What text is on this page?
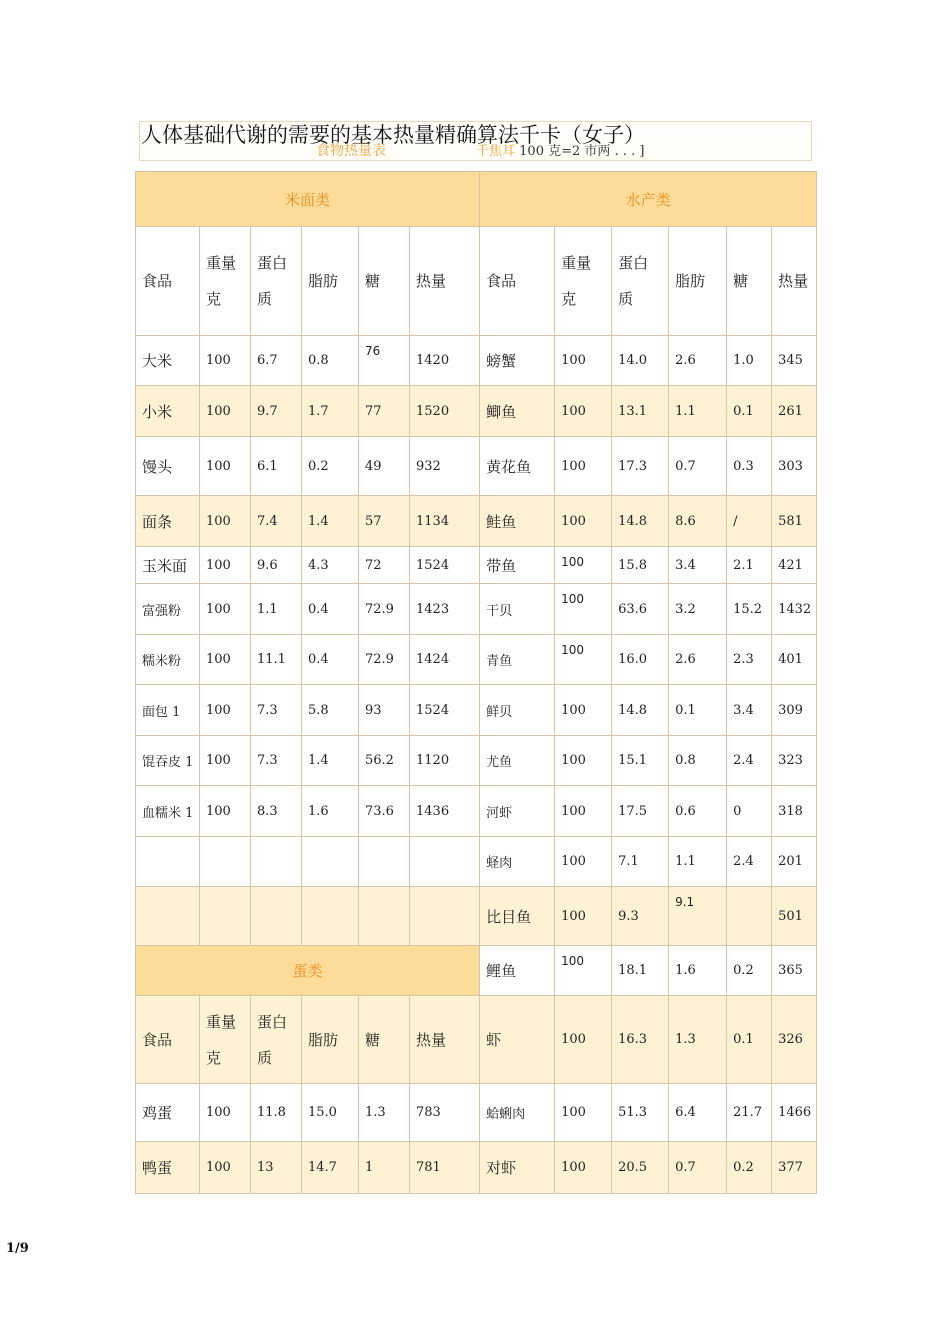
食物热量表	千焦耳 100 克=2 市两 . . . ]
人体基础代谢的需要的基本热量精确算法千卡（女子）
米面类						水产类					
食品	重量克	蛋白质	脂肪	糖	热量	食品	重量克	蛋白质	脂肪	糖	热量
大米	100	6.7	0.8	76	1420	螃蟹	100	14.0	2.6	1.0	345
小米	100	9.7	1.7	77	1520	鲫鱼	100	13.1	1.1	0.1	261
馒头	100	6.1	0.2	49	932	黄花鱼	100	17.3	0.7	0.3	303
面条	100	7.4	1.4	57	1134	鲑鱼	100	14.8	8.6	/	581
玉米面	100	9.6	4.3	72	1524	带鱼	100	15.8	3.4	2.1	421
富强粉	100	1.1	0.4	72.9	1423	干贝	100	63.6	3.2	15.2	1432
糯米粉	100	11.1	0.4	72.9	1424	青鱼	100	16.0	2.6	2.3	401
面包 1	100	7.3	5.8	93	1524	鲜贝	100	14.8	0.1	3.4	309
馄吞皮 1	100	7.3	1.4	56.2	1120	尤鱼	100	15.1	0.8	2.4	323
血糯米 1	100	8.3	1.6	73.6	1436	河虾	100	17.5	0.6	0	318
						蛏肉	100	7.1	1.1	2.4	201
						比目鱼	100	9.3	9.1		501
蛋类						鲤鱼	100	18.1	1.6	0.2	365
食品	重量克	蛋白质	脂肪	糖	热量	虾	100	16.3	1.3	0.1	326
鸡蛋	100	11.8	15.0	1.3	783	蛤蜊肉	100	51.3	6.4	21.7	1466
鸭蛋	100	13	14.7	1	781	对虾	100	20.5	0.7	0.2	377
1/9
